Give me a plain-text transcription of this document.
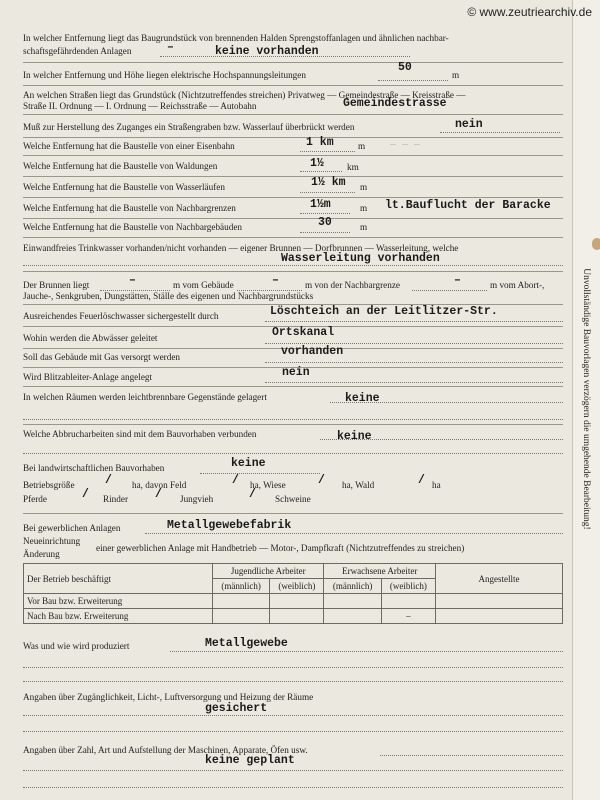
Unvollständige Bauvorlagen verzögern die umgehende Bearbeitung!
© www.zeutriearchiv.de
In welcher Entfernung liegt das Baugrundstück von brennenden Halden Sprengstoffanlagen und ähnlichen nachbar-
schaftsgefährdenden Anlagen	–	keine vorhanden
In welcher Entfernung und Höhe liegen elektrische Hochspannungsleitungen
50
m
An welchen Straßen liegt das Grundstück (Nichtzutreffendes streichen) Privatweg — Gemeindestraße — Kreisstraße —
Straße II. Ordnung — I. Ordnung — Reichsstraße — Autobahn	Gemeindestrasse
Muß zur Herstellung des Zuganges ein Straßengraben bzw. Wasserlauf überbrückt werden	nein
Welche Entfernung hat die Baustelle von einer Eisenbahn	1 km	m — — —
Welche Entfernung hat die Baustelle von Waldungen	1½	km
Welche Entfernung hat die Baustelle von Wasserläufen	1½ km m
Welche Entfernung hat die Baustelle von Nachbargrenzen	1½m	m lt.Bauflucht der Baracke
Welche Entfernung hat die Baustelle von Nachbargebäuden	30	m
Einwandfreies Trinkwasser vorhanden/nicht vorhanden — eigener Brunnen — Dorfbrunnen — Wasserleitung, welche
Wasserleitung vorhanden
Der Brunnen liegt	–	m vom Gebäude	–	m von der Nachbargrenze	–	m vom Abort-,
Jauche-, Senkgruben, Dungstätten, Ställe des eigenen und Nachbargrundstücks
Ausreichendes Feuerlöschwasser sichergestellt durch	Löschteich an der Leitlitzer-Str.
Wohin werden die Abwässer geleitet	Ortskanal
Soll das Gebäude mit Gas versorgt werden	vorhanden
Wird Blitzableiter-Anlage angelegt	nein
In welchen Räumen werden leichtbrennbare Gegenstände gelagert	keine
Welche Abbrucharbeiten sind mit dem Bauvorhaben verbunden	keine
Bei landwirtschaftlichen Bauvorhaben	keine
Betriebsgröße	/ ha, davon Feld	/ ha, Wiese	/ ha, Wald	/ ha
Pferde	/ Rinder / Jungvieh	/ Schweine
Bei gewerblichen Anlagen	Metallgewebefabrik
Neueinrichtung
Änderung
einer gewerblichen Anlage mit Handbetrieb — Motor-, Dampfkraft (Nichtzutreffendes zu streichen)
Der Betrieb beschäftigt	Jugendliche Arbeiter		Erwachsene Arbeiter		Angestellte
	(männlich)	(weiblich)	(männlich)	(weiblich)	
Vor Bau bzw. Erweiterung					
Nach Bau bzw. Erweiterung				–	
Was und wie wird produziert	Metallgewebe
Angaben über Zugänglichkeit, Licht-, Luftversorgung und Heizung der Räume
gesichert
Angaben über Zahl, Art und Aufstellung der Maschinen, Apparate, Öfen usw.
keine geplant
